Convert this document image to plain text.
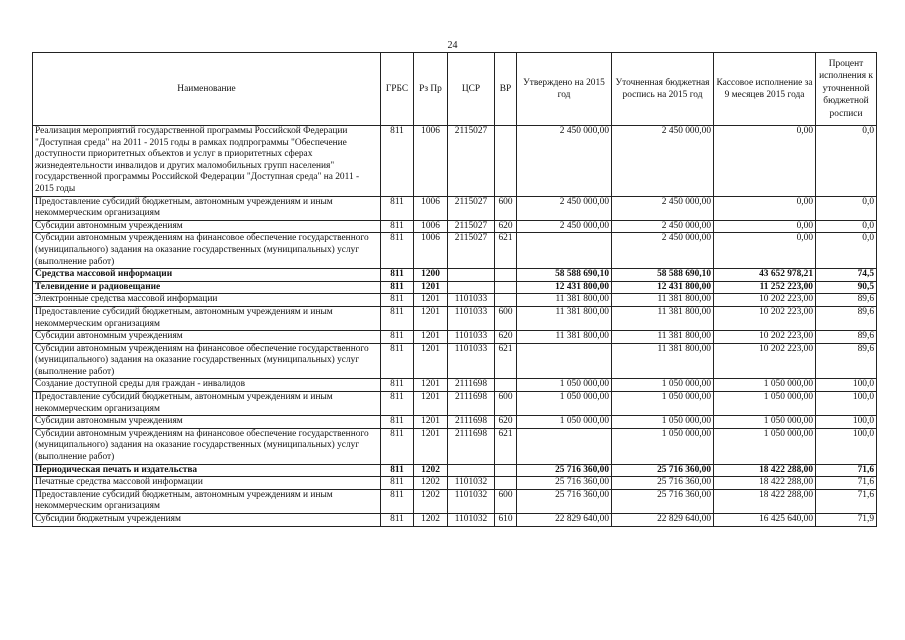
24
Наименование	ГРБС	Рз Пр	ЦСР	ВР	Утверждено на 2015 год	Уточненная бюджетная роспись на 2015 год	Кассовое исполнение за 9 месяцев 2015 года	Процент исполнения к уточненной бюджетной росписи
Реализация мероприятий государственной программы Российской Федерации "Доступная среда" на 2011 - 2015 годы в рамках подпрограммы "Обеспечение доступности приоритетных объектов и услуг в приоритетных сферах жизнедеятельности инвалидов и других маломобильных групп населения" государственной программы Российской Федерации "Доступная среда" на 2011 - 2015 годы	811	1006	2115027		2 450 000,00	2 450 000,00	0,00	0,0
Предоставление субсидий бюджетным, автономным учреждениям и иным некоммерческим организациям	811	1006	2115027	600	2 450 000,00	2 450 000,00	0,00	0,0
Субсидии автономным учреждениям	811	1006	2115027	620	2 450 000,00	2 450 000,00	0,00	0,0
Субсидии автономным учреждениям на финансовое обеспечение государственного (муниципального) задания на оказание государственных (муниципальных) услуг (выполнение работ)	811	1006	2115027	621		2 450 000,00	0,00	0,0
Средства массовой информации	811	1200			58 588 690,10	58 588 690,10	43 652 978,21	74,5
Телевидение и радиовещание	811	1201			12 431 800,00	12 431 800,00	11 252 223,00	90,5
Электронные средства массовой информации	811	1201	1101033		11 381 800,00	11 381 800,00	10 202 223,00	89,6
Предоставление субсидий бюджетным, автономным учреждениям и иным некоммерческим организациям	811	1201	1101033	600	11 381 800,00	11 381 800,00	10 202 223,00	89,6
Субсидии автономным учреждениям	811	1201	1101033	620	11 381 800,00	11 381 800,00	10 202 223,00	89,6
Субсидии автономным учреждениям на финансовое обеспечение государственного (муниципального) задания на оказание государственных (муниципальных) услуг (выполнение работ)	811	1201	1101033	621		11 381 800,00	10 202 223,00	89,6
Создание доступной среды для граждан - инвалидов	811	1201	2111698		1 050 000,00	1 050 000,00	1 050 000,00	100,0
Предоставление субсидий бюджетным, автономным учреждениям и иным некоммерческим организациям	811	1201	2111698	600	1 050 000,00	1 050 000,00	1 050 000,00	100,0
Субсидии автономным учреждениям	811	1201	2111698	620	1 050 000,00	1 050 000,00	1 050 000,00	100,0
Субсидии автономным учреждениям на финансовое обеспечение государственного (муниципального) задания на оказание государственных (муниципальных) услуг (выполнение работ)	811	1201	2111698	621		1 050 000,00	1 050 000,00	100,0
Периодическая печать и издательства	811	1202			25 716 360,00	25 716 360,00	18 422 288,00	71,6
Печатные средства массовой информации	811	1202	1101032		25 716 360,00	25 716 360,00	18 422 288,00	71,6
Предоставление субсидий бюджетным, автономным учреждениям и иным некоммерческим организациям	811	1202	1101032	600	25 716 360,00	25 716 360,00	18 422 288,00	71,6
Субсидии бюджетным учреждениям	811	1202	1101032	610	22 829 640,00	22 829 640,00	16 425 640,00	71,9
